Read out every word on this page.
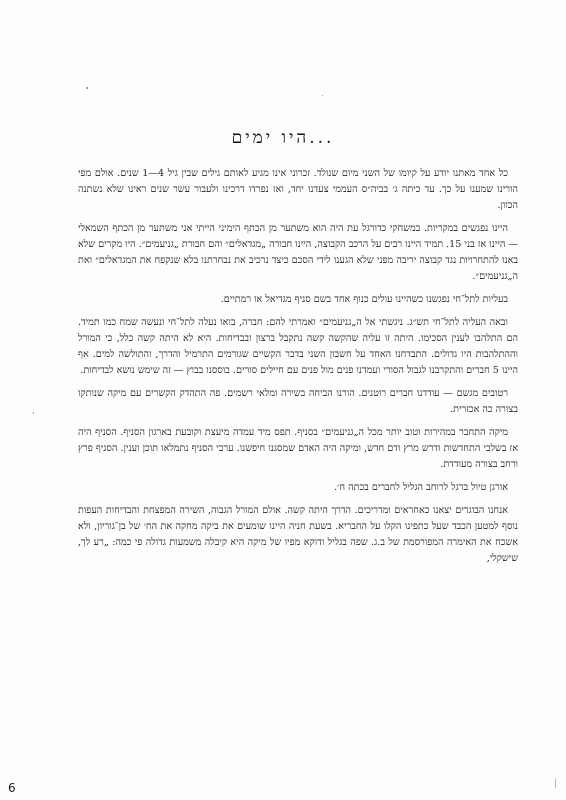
היו ימים...

כל אחד מאתנו יודע על קיומו של השני מיום שנולד. זכרוני אינו מגיע לאותם גילים שבין גיל 4—1 שנים. אולם מפי הורינו שמענו על כך. עד כיתה ג׳ בביה״ס העממי צעדנו יחד, ואז נפרדו דרכינו ולעבור עשר שנים ראינו שלא נשתנה הכוון.

היינו נפגשים במקריות. במשחקי כדורגל עת היה הוא משתער מן הכתף הימיני הייתי אני משתער מן הכתף השמאלי — היינו אז בני 15. תמיד היינו רבים על הרכב הקבוצה, היינו חבורה „מגדאלים״ והם חבורת „גניעמים״. היו מקרים שלא באנו להתחרויות נגד קבוצה יריבה מפני שלא הגענו לידי הסכם כיצד נרכיב את נבחרתנו בלא שנקפח את המגדאלים״ ואת ה„גניעמים״.

בעליות לתל־חי נפגשנו כשהיינו עולים כנוף אחד בשם סניף מגדיאל או רמתיים.

ובאה העליה לתל־חי תש״ג. ניגשתי אל ה„גניעמים״ ואמרתי להם: חברה, בואו נעלה לתל־חי ונעשה שמח כמו תמיד. הם התלהבו לענין הסכימו. היתה זו עליה שהקשה קשה נתקבל ברצון ובבדיחות. היא לא היתה קשה כלל, כי המורל וההתלהבות היו גדולים. התבדחנו האחד על חשבון השני בדבר הקשיים שגורמים התרמיל והדרך, והתולשה למים. אף היינו 5 חברים והתקרבנו לגבול הסורי ועמדנו פנים מול פנים עם חיילים סורים. בוססנו בבוץ — זה שימש נושא לבדיחות.

רטובים מגשם — עודדנו חברים רוטנים. הורנו הביחה בשירה ומלאי רשמים. פה התהדק הקשרים עם מיקה שנותקו בצורה כה אכזרית.

מיקה התחבר במהירות וטוב יותר מכל ה„גניעמים״ בסניף. תפס מיד עמדה מיעצת וקובעת בארגון הסניף. הסניף היה אז בשלבי התחדשות ודרש מרץ ודם חדש, ומיקה היה האדם שמסגנו חיפשנו. ערבי הסניף נתמלאו תוכן וענין. הסניף פרץ ורחב בצורה מעודדת.

אורגן טיול ברגל לרוחב הגליל לחברים בכתה ח׳.

אנחנו הבוגרים יצאנו כאחראים ומדריכים. הדרך היתה קשה. אולם המורל הגבוה, השירה המפצחת והבדיחות העפות נוסף למטען הכבד שעל כתפינו הקלו על החבריא. בשעת חניה היינו שומעים את ביקה מחקה את הח׳ של בן־גוריון, ולא אשכח את האימרה המפורסמת של ב.ג. שפה בגליל ודוקא מפיו של מיקה היא קיבלה משמעות גדולה פי כמה: „רע לך, שישקלי,

6
